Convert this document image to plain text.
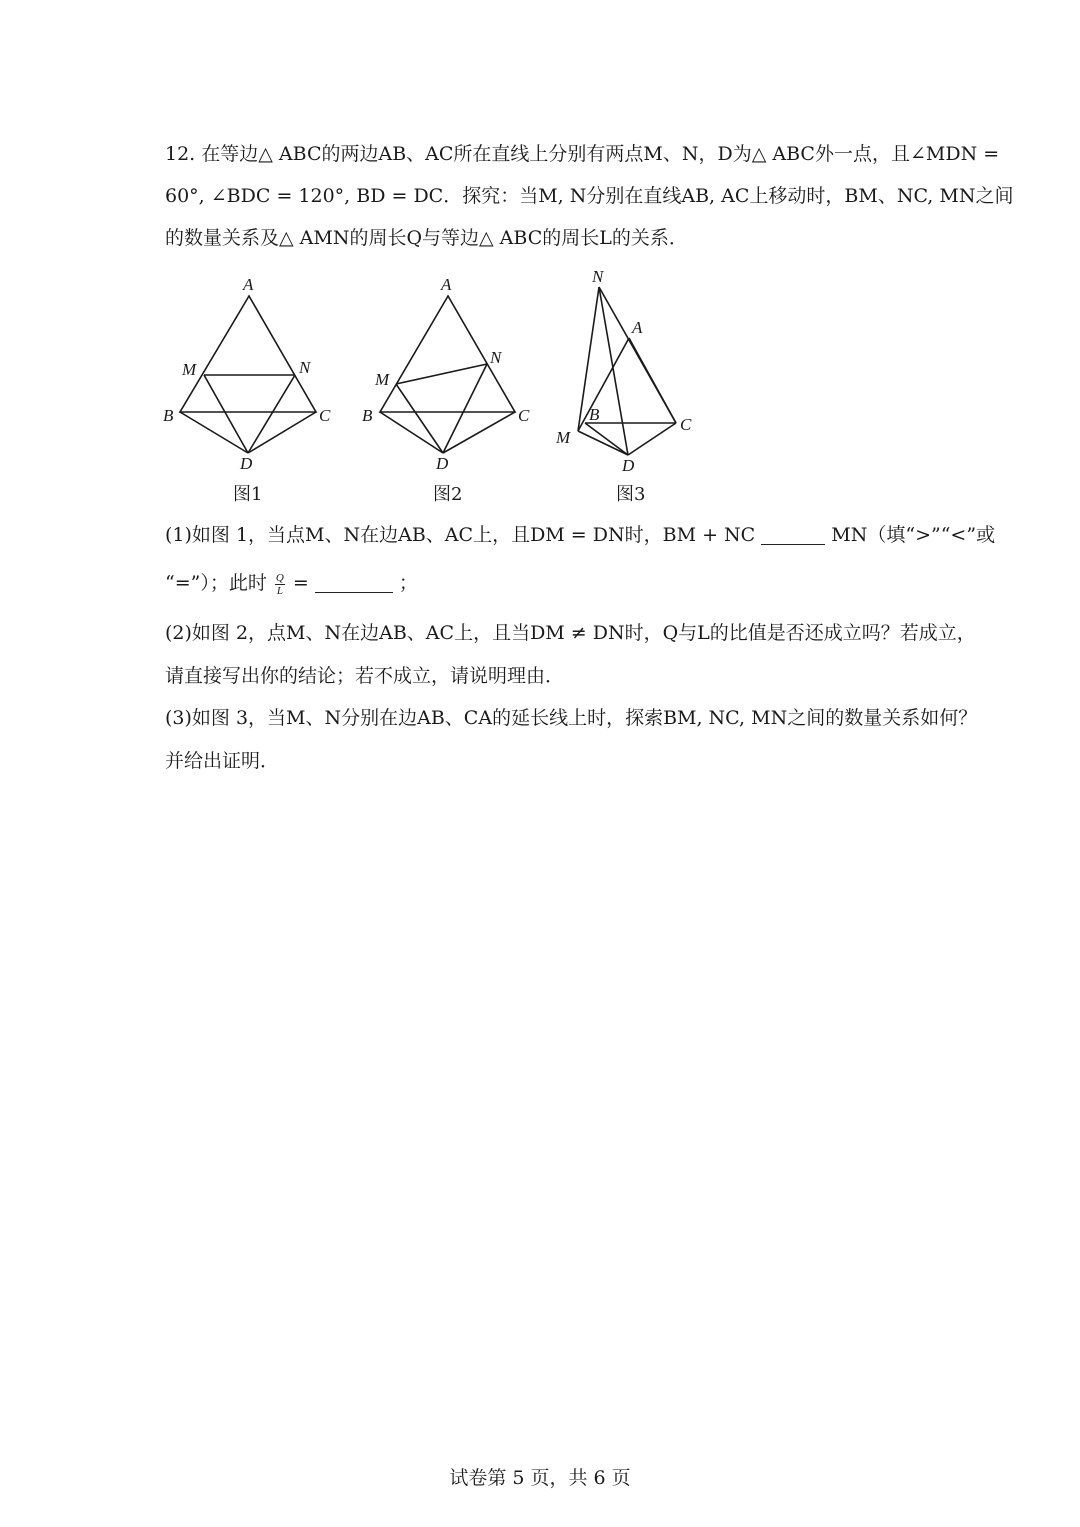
12. 在等边△ ABC的两边AB、AC所在直线上分别有两点M、N，D为△ ABC外一点，且∠MDN =
60°, ∠BDC = 120°, BD = DC．探究：当M, N分别在直线AB, AC上移动时，BM、NC, MN之间
的数量关系及△ AMN的周长Q与等边△ ABC的周长L的关系．
A
M	N
B	C
D
A
M
N
B	C
D
N
A
B
C
M
D
图1	图2	图3
(1)如图 1，当点M、N在边AB、AC上，且DM = DN时，BM + NC	MN（填“>”“<”或
“=”）；此时 $\frac{Q}{L}$ =	；
(2)如图 2，点M、N在边AB、AC上，且当DM ≠ DN时，Q与L的比值是否还成立吗？若成立，
请直接写出你的结论；若不成立，请说明理由．
(3)如图 3，当M、N分别在边AB、CA的延长线上时，探索BM, NC, MN之间的数量关系如何？
并给出证明．
试卷第 5 页，共 6 页
